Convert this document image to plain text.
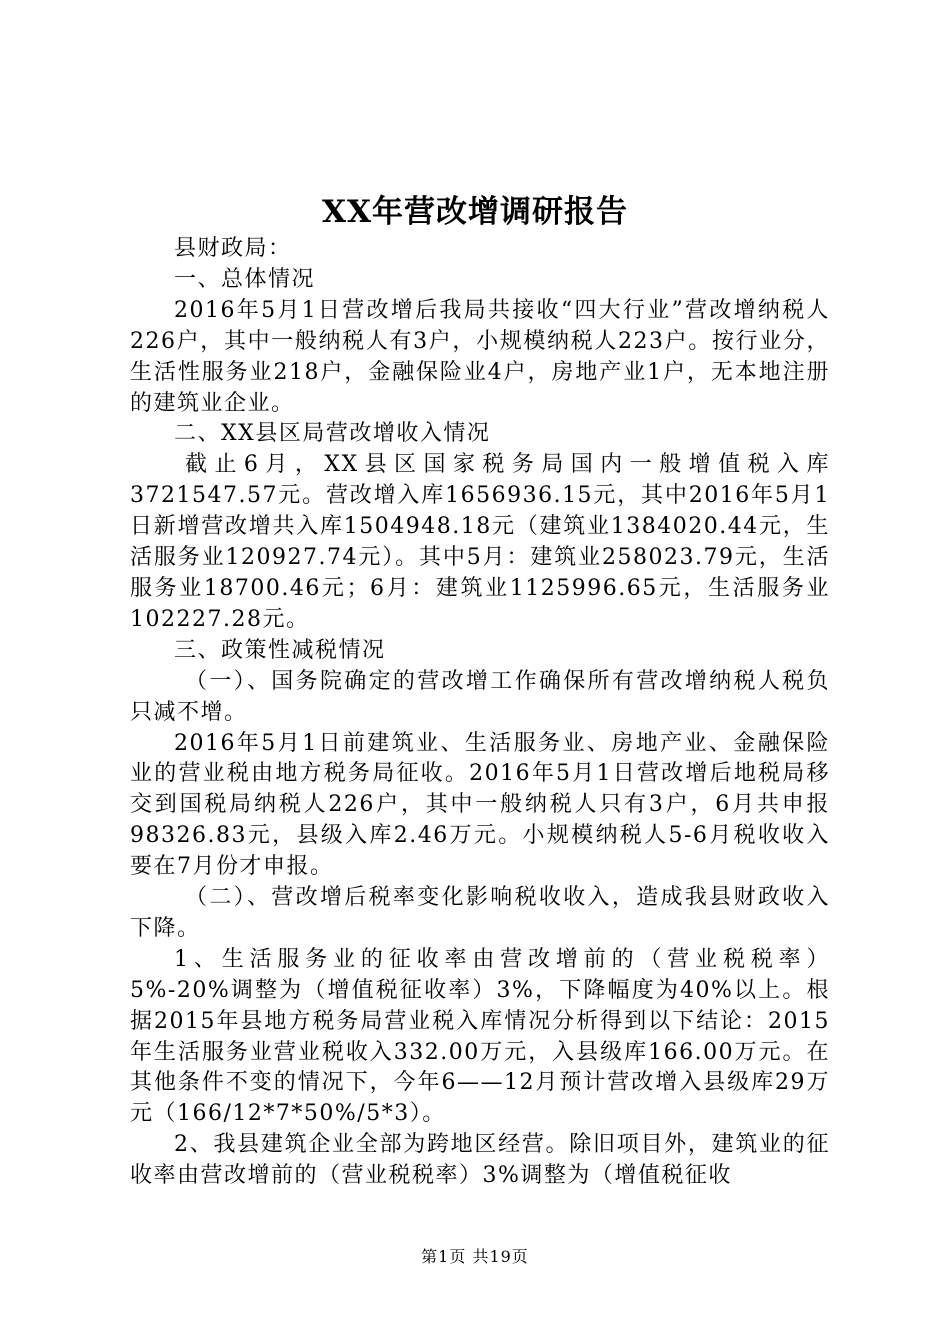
XX年营改增调研报告

县财政局：

一、总体情况

2016年5月1日营改增后我局共接收“四大行业”营改增纳税人226户，其中一般纳税人有3户，小规模纳税人223户。按行业分，生活性服务业218户，金融保险业4户，房地产业1户，无本地注册的建筑业企业。

二、XX县区局营改增收入情况

截止6月，XX县区国家税务局国内一般增值税入库3721547.57元。营改增入库1656936.15元，其中2016年5月1日新增营改增共入库1504948.18元（建筑业1384020.44元，生活服务业120927.74元）。其中5月：建筑业258023.79元，生活服务业18700.46元；6月：建筑业1125996.65元，生活服务业102227.28元。

三、政策性减税情况

（一）、国务院确定的营改增工作确保所有营改增纳税人税负只减不增。

2016年5月1日前建筑业、生活服务业、房地产业、金融保险业的营业税由地方税务局征收。2016年5月1日营改增后地税局移交到国税局纳税人226户，其中一般纳税人只有3户，6月共申报98326.83元，县级入库2.46万元。小规模纳税人5-6月税收收入要在7月份才申报。

（二）、营改增后税率变化影响税收收入，造成我县财政收入下降。

1、生活服务业的征收率由营改增前的（营业税税率）5%-20%调整为（增值税征收率）3%，下降幅度为40%以上。根据2015年县地方税务局营业税入库情况分析得到以下结论：2015年生活服务业营业税收入332.00万元，入县级库166.00万元。在其他条件不变的情况下，今年6——12月预计营改增入县级库29万元（166/12*7*50%/5*3）。

2、我县建筑企业全部为跨地区经营。除旧项目外，建筑业的征收率由营改增前的（营业税税率）3%调整为（增值税征收

第1页 共19页
